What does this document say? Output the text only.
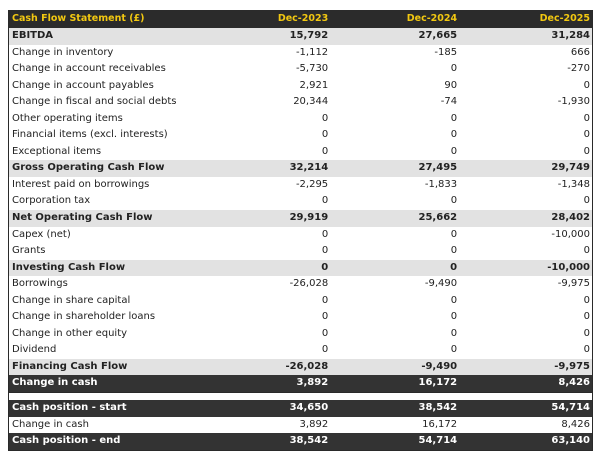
Cash Flow Statement (£)	Dec-2023	Dec-2024	Dec-2025
EBITDA	15,792	27,665	31,284
Change in inventory	-1,112	-185	666
Change in account receivables	-5,730	0	-270
Change in account payables	2,921	90	0
Change in fiscal and social debts	20,344	-74	-1,930
Other operating items	0	0	0
Financial items (excl. interests)	0	0	0
Exceptional items	0	0	0
Gross Operating Cash Flow	32,214	27,495	29,749
Interest paid on borrowings	-2,295	-1,833	-1,348
Corporation tax	0	0	0
Net Operating Cash Flow	29,919	25,662	28,402
Capex (net)	0	0	-10,000
Grants	0	0	0
Investing Cash Flow	0	0	-10,000
Borrowings	-26,028	-9,490	-9,975
Change in share capital	0	0	0
Change in shareholder loans	0	0	0
Change in other equity	0	0	0
Dividend	0	0	0
Financing Cash Flow	-26,028	-9,490	-9,975
Change in cash	3,892	16,172	8,426
Cash position - start	34,650	38,542	54,714
Change in cash	3,892	16,172	8,426
Cash position - end	38,542	54,714	63,140
